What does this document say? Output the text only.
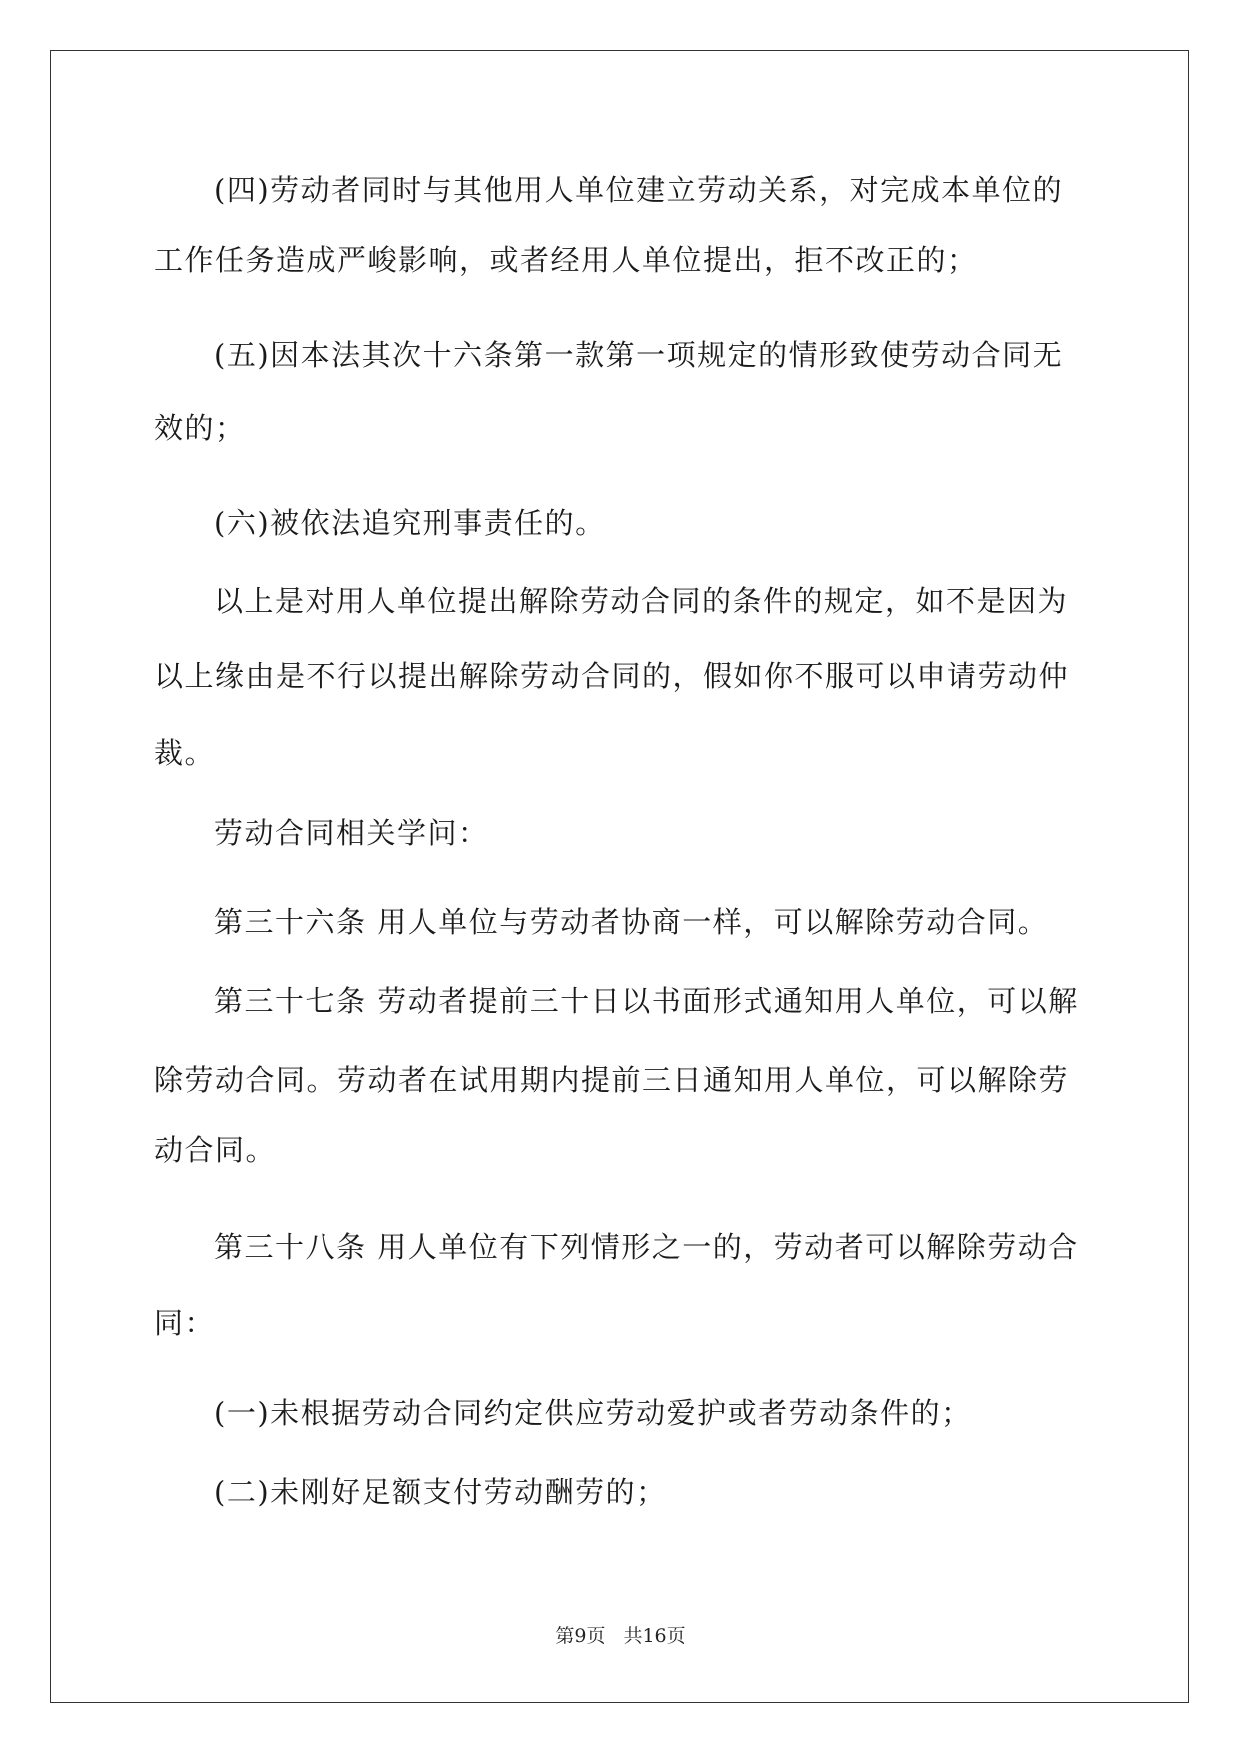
(四)劳动者同时与其他用人单位建立劳动关系，对完成本单位的
工作任务造成严峻影响，或者经用人单位提出，拒不改正的；
(五)因本法其次十六条第一款第一项规定的情形致使劳动合同无
效的；
(六)被依法追究刑事责任的。
以上是对用人单位提出解除劳动合同的条件的规定，如不是因为
以上缘由是不行以提出解除劳动合同的，假如你不服可以申请劳动仲
裁。
劳动合同相关学问：
第三十六条 用人单位与劳动者协商一样，可以解除劳动合同。
第三十七条 劳动者提前三十日以书面形式通知用人单位，可以解
除劳动合同。劳动者在试用期内提前三日通知用人单位，可以解除劳
动合同。
第三十八条 用人单位有下列情形之一的，劳动者可以解除劳动合
同：
(一)未根据劳动合同约定供应劳动爱护或者劳动条件的；
(二)未刚好足额支付劳动酬劳的；
第9页 共16页
